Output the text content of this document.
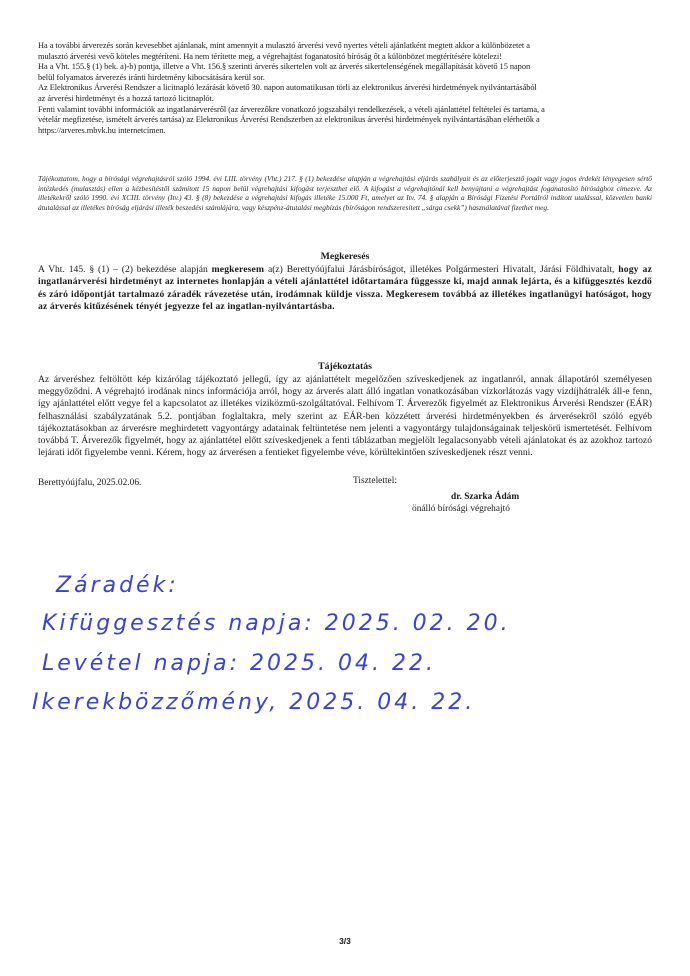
Ha a további árverezés során kevesebbet ajánlanak, mint amennyit a mulasztó árverési vevő nyertes vételi ajánlatként megtett akkor a különbözetet a
mulasztó árverési vevő köteles megtéríteni. Ha nem térítette meg, a végrehajtást foganatosító bíróság őt a különbözet megtérítésére kötelezi!
Ha a Vht. 155.§ (1) bek. a)-b) pontja, illetve a Vht. 156.§ szerinti árverés sikertelen volt az árverés sikertelenségének megállapítását követő 15 napon
belül folyamatos árverezés iránti hirdetmény kibocsátására kerül sor.
Az Elektronikus Árverési Rendszer a licitnapló lezárását követő 30. napon automatikusan törli az elektronikus árverési hirdetmények nyilvántartásából
az árverési hirdetményt és a hozzá tartozó licitnaplót.
Fenti valamint további információk az ingatlanárverésről (az árverezőkre vonatkozó jogszabályi rendelkezések, a vételi ajánlattétel feltételei és tartama, a
vételár megfizetése, ismételt árverés tartása) az Elektronikus Árverési Rendszerben az elektronikus árverési hirdetmények nyilvántartásában elérhetők a
https://arveres.mbvk.hu internetcímen.
Tájékoztatom, hogy a bírósági végrehajtásról szóló 1994. évi LIII. törvény (Vht.) 217. § (1) bekezdése alapján a végrehajtási eljárás szabályait és az előterjesztő jogát vagy jogos érdekét lényegesen sértő intézkedés (mulasztás) ellen a kézbesítéstől számított 15 napon belül végrehajtási kifogást terjeszthet elő. A kifogást a végrehajtónál kell benyújtani a végrehajtást foganatosító bírósághoz címezve. Az illetékekről szóló 1990. évi XCIII. törvény (Itv.) 43. § (8) bekezdése a végrehajtási kifogás illetéke 15.000 Ft, amelyet az Itv. 74. § alapján a Bírósági Fizetési Portálról indított utalással, közvetlen banki átutalással az illetékes bíróság eljárási illeték beszedési számlájára, vagy készpénz-átutalási megbízás (bíróságon rendszeresített „sárga csekk”) használatával fizethet meg.
Megkeresés
A Vht. 145. § (1) – (2) bekezdése alapján megkeresem a(z) Berettyóújfalui Járásbíróságot, illetékes Polgármesteri Hivatalt, Járási Földhivatalt, hogy az ingatlanárverési hirdetményt az internetes honlapján a vételi ajánlattétel időtartamára függessze ki, majd annak lejárta, és a kifüggesztés kezdő és záró időpontját tartalmazó záradék rávezetése után, irodámnak küldje vissza. Megkeresem továbbá az illetékes ingatlanügyi hatóságot, hogy az árverés kitűzésének tényét jegyezze fel az ingatlan-nyilvántartásba.
Tájékoztatás
Az árveréshez feltöltött kép kizárólag tájékoztató jellegű, így az ajánlattételt megelőzően szíveskedjenek az ingatlanról, annak állapotáról személyesen meggyőződni. A végrehajtó irodának nincs információja arról, hogy az árverés alatt álló ingatlan vonatkozásában vízkorlátozás vagy vízdíjhátralék áll-e fenn, így ajánlattétel előtt vegye fel a kapcsolatot az illetékes víziközmű-szolgáltatóval. Felhívom T. Árverezők figyelmét az Elektronikus Árverési Rendszer (EÁR) felhasználási szabályzatának 5.2. pontjában foglaltakra, mely szerint az EÁR-ben közzétett árverési hirdetményekben és árverésekről szóló egyéb tájékoztatásokban az árverésre meghirdetett vagyontárgy adatainak feltüntetése nem jelenti a vagyontárgy tulajdonságainak teljeskörű ismertetését. Felhívom továbbá T. Árverezők figyelmét, hogy az ajánlattétel előtt szíveskedjenek a fenti táblázatban megjelölt legalacsonyabb vételi ajánlatokat és az azokhoz tartozó lejárati időt figyelembe venni. Kérem, hogy az árverésen a fentieket figyelembe véve, körültekintően szíveskedjenek részt venni.
Berettyóújfalu, 2025.02.06.	Tisztelettel:
dr. Szarka Ádám
önálló bírósági végrehajtó
Záradék:
Kifüggesztés napja: 2025. 02. 20.
Levétel napja: 2025. 04. 22.
Ikerekbözzőmény, 2025. 04. 22.
3/3
